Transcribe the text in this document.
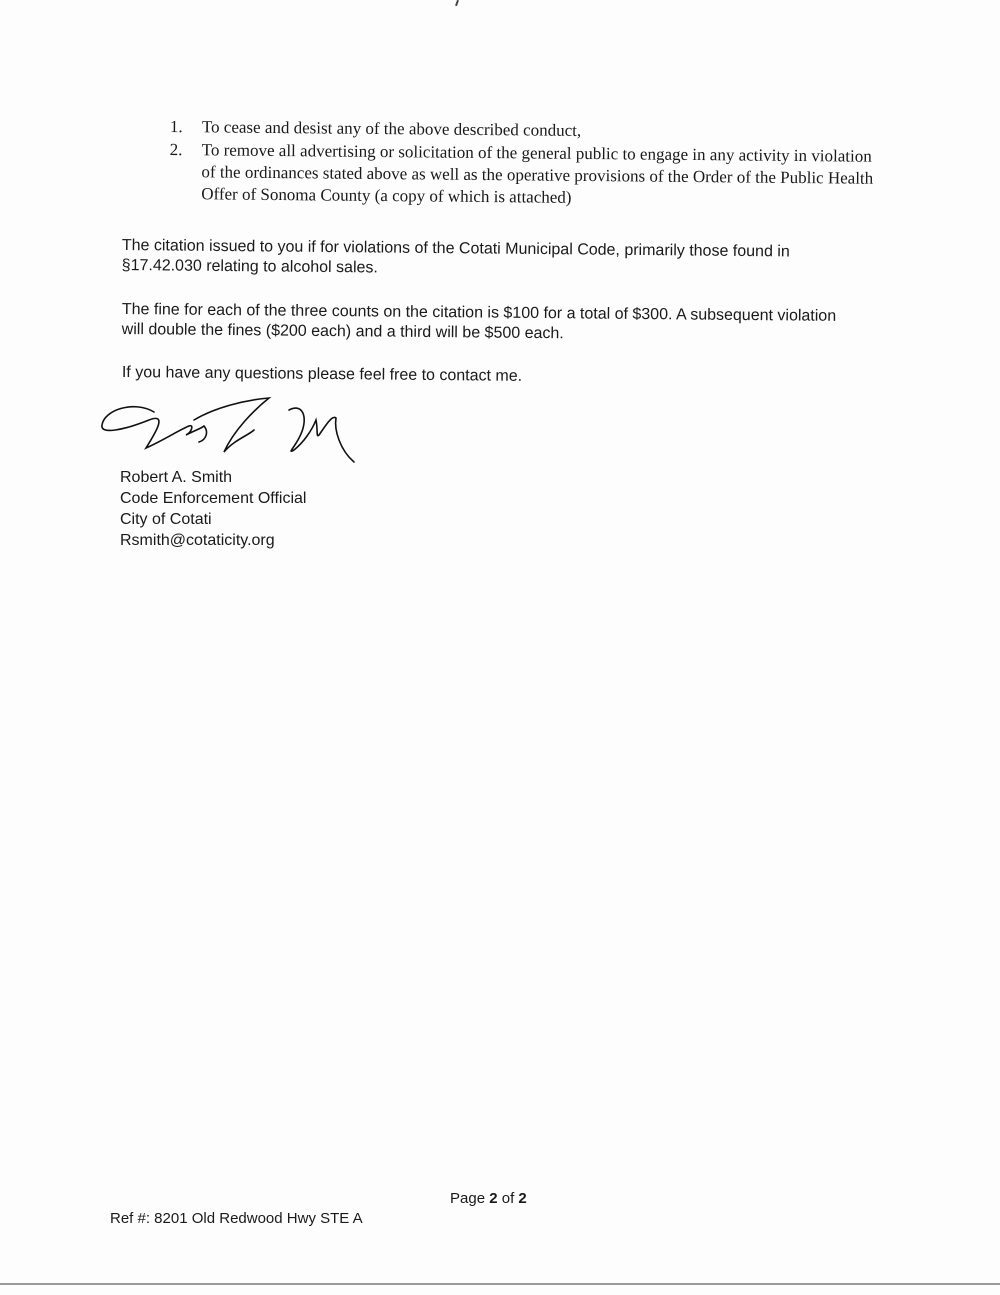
1. To cease and desist any of the above described conduct,
2. To remove all advertising or solicitation of the general public to engage in any activity in violation of the ordinances stated above as well as the operative provisions of the Order of the Public Health Offer of Sonoma County (a copy of which is attached)
The citation issued to you if for violations of the Cotati Municipal Code, primarily those found in §17.42.030 relating to alcohol sales.
The fine for each of the three counts on the citation is $100 for a total of $300. A subsequent violation will double the fines ($200 each) and a third will be $500 each.
If you have any questions please feel free to contact me.
Robert A. Smith
Code Enforcement Official
City of Cotati
Rsmith@cotaticity.org
Page 2 of 2
Ref #: 8201 Old Redwood Hwy STE A
